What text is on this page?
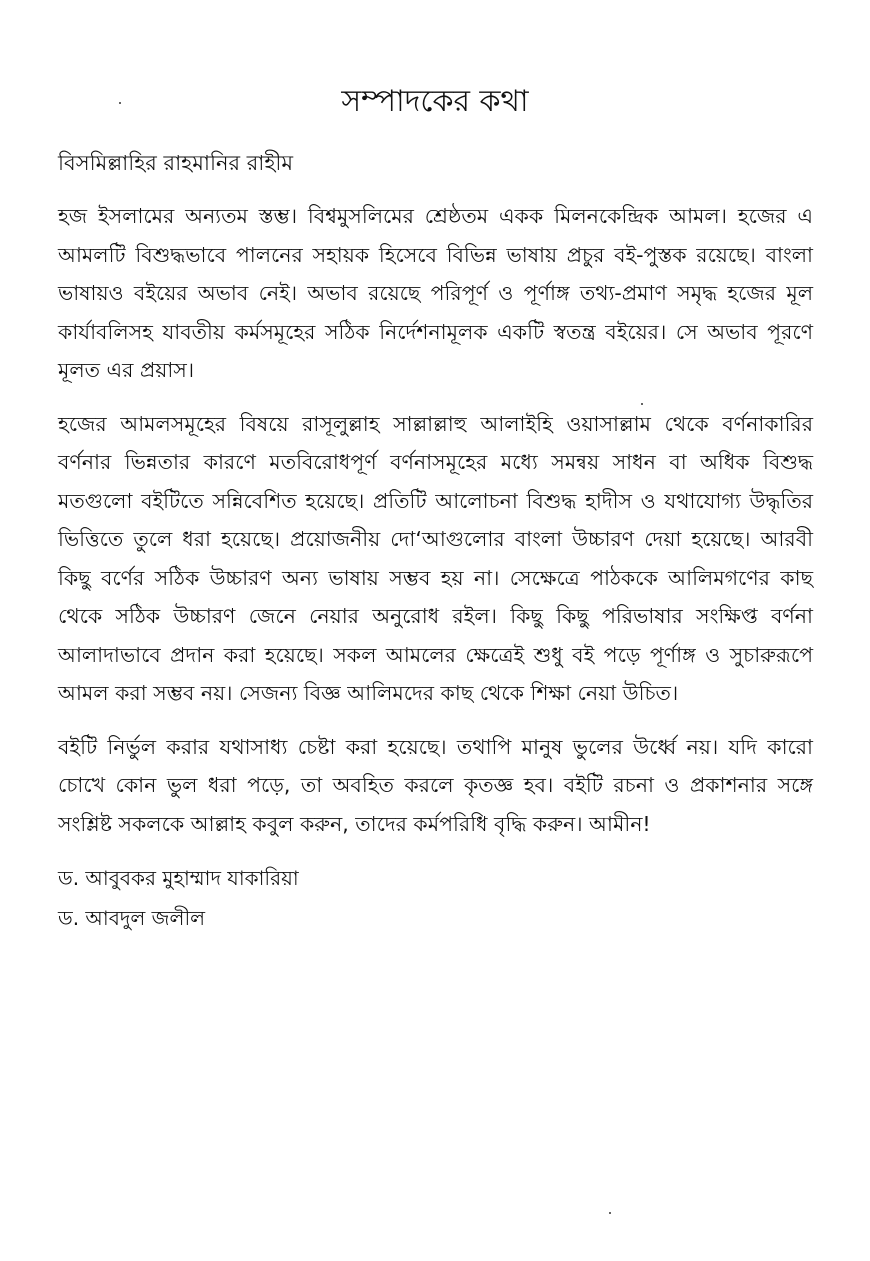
সম্পাদকের কথা
বিসমিল্লাহির রাহমানির রাহীম

হজ ইসলামের অন্যতম স্তম্ভ। বিশ্বমুসলিমের শ্রেষ্ঠতম একক মিলনকেন্দ্রিক আমল। হজের এ আমলটি বিশুদ্ধভাবে পালনের সহায়ক হিসেবে বিভিন্ন ভাষায় প্রচুর বই-পুস্তক রয়েছে। বাংলা ভাষায়ও বইয়ের অভাব নেই। অভাব রয়েছে পরিপূর্ণ ও পূর্ণাঙ্গ তথ্য-প্রমাণ সমৃদ্ধ হজের মূল কার্যাবলিসহ যাবতীয় কর্মসমূহের সঠিক নির্দেশনামূলক একটি স্বতন্ত্র বইয়ের। সে অভাব পূরণে মূলত এর প্রয়াস।

হজের আমলসমূহের বিষয়ে রাসূলুল্লাহ সাল্লাল্লাহু আলাইহি ওয়াসাল্লাম থেকে বর্ণনাকারির বর্ণনার ভিন্নতার কারণে মতবিরোধপূর্ণ বর্ণনাসমূহের মধ্যে সমন্বয় সাধন বা অধিক বিশুদ্ধ মতগুলো বইটিতে সন্নিবেশিত হয়েছে। প্রতিটি আলোচনা বিশুদ্ধ হাদীস ও যথাযোগ্য উদ্ধৃতির ভিত্তিতে তুলে ধরা হয়েছে। প্রয়োজনীয় দো‘আগুলোর বাংলা উচ্চারণ দেয়া হয়েছে। আরবী কিছু বর্ণের সঠিক উচ্চারণ অন্য ভাষায় সম্ভব হয় না। সেক্ষেত্রে পাঠককে আলিমগণের কাছ থেকে সঠিক উচ্চারণ জেনে নেয়ার অনুরোধ রইল। কিছু কিছু পরিভাষার সংক্ষিপ্ত বর্ণনা আলাদাভাবে প্রদান করা হয়েছে। সকল আমলের ক্ষেত্রেই শুধু বই পড়ে পূর্ণাঙ্গ ও সুচারুরূপে আমল করা সম্ভব নয়। সেজন্য বিজ্ঞ আলিমদের কাছ থেকে শিক্ষা নেয়া উচিত।

বইটি নির্ভুল করার যথাসাধ্য চেষ্টা করা হয়েছে। তথাপি মানুষ ভুলের উর্ধ্বে নয়। যদি কারো চোখে কোন ভুল ধরা পড়ে, তা অবহিত করলে কৃতজ্ঞ হব। বইটি রচনা ও প্রকাশনার সঙ্গে সংশ্লিষ্ট সকলকে আল্লাহ কবুল করুন, তাদের কর্মপরিধি বৃদ্ধি করুন। আমীন!

ড. আবুবকর মুহাম্মাদ যাকারিয়া

ড. আবদুল জলীল
